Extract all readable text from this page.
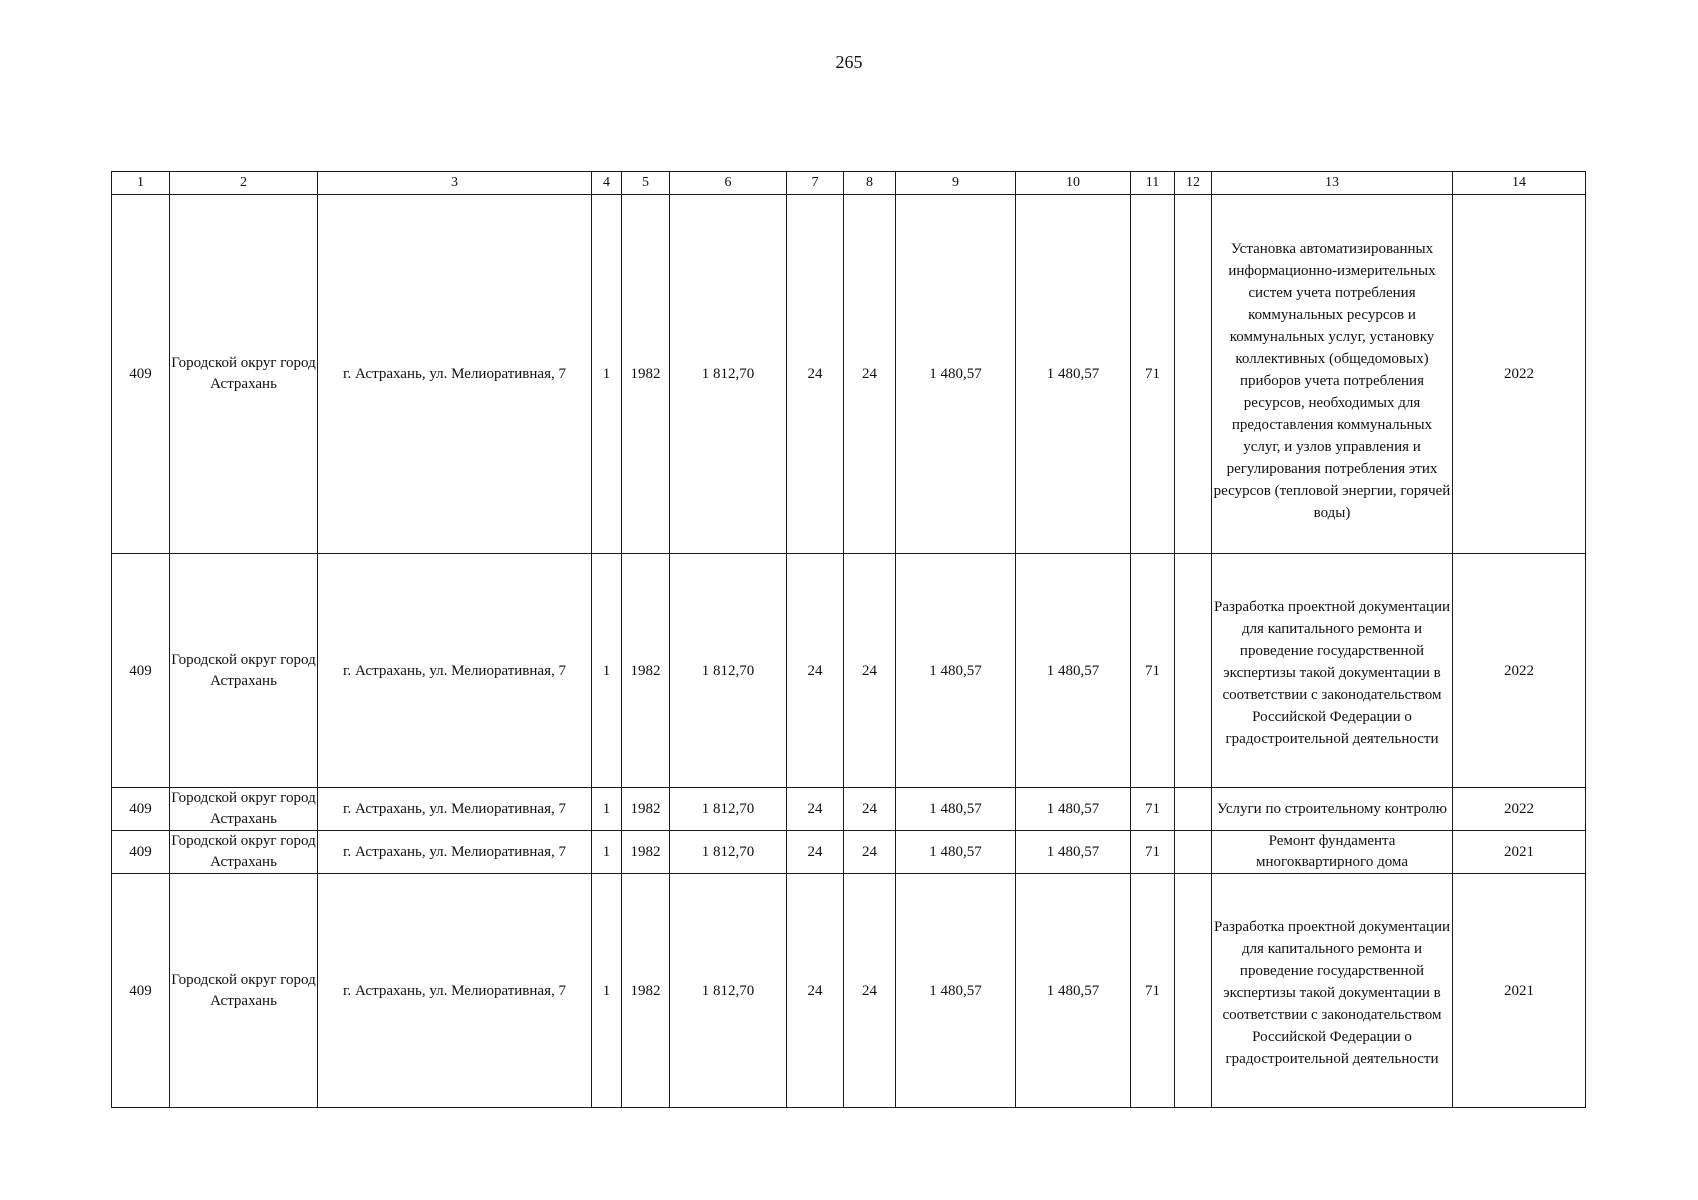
265
1	2	3	4	5	6	7	8	9	10	11	12	13	14
409	Городской округ город Астрахань	г. Астрахань, ул. Мелиоративная, 7	1	1982	1 812,70	24	24	1 480,57	1 480,57	71		Установка автоматизированных информационно-измерительных систем учета потребления коммунальных ресурсов и коммунальных услуг, установку коллективных (общедомовых) приборов учета потребления ресурсов, необходимых для предоставления коммунальных услуг, и узлов управления и регулирования потребления этих ресурсов (тепловой энергии, горячей воды)	2022
409	Городской округ город Астрахань	г. Астрахань, ул. Мелиоративная, 7	1	1982	1 812,70	24	24	1 480,57	1 480,57	71		Разработка проектной документации для капитального ремонта и проведение государственной экспертизы такой документации в соответствии с законодательством Российской Федерации о градостроительной деятельности	2022
409	Городской округ город Астрахань	г. Астрахань, ул. Мелиоративная, 7	1	1982	1 812,70	24	24	1 480,57	1 480,57	71		Услуги по строительному контролю	2022
409	Городской округ город Астрахань	г. Астрахань, ул. Мелиоративная, 7	1	1982	1 812,70	24	24	1 480,57	1 480,57	71		Ремонт фундамента многоквартирного дома	2021
409	Городской округ город Астрахань	г. Астрахань, ул. Мелиоративная, 7	1	1982	1 812,70	24	24	1 480,57	1 480,57	71		Разработка проектной документации для капитального ремонта и проведение государственной экспертизы такой документации в соответствии с законодательством Российской Федерации о градостроительной деятельности	2021
